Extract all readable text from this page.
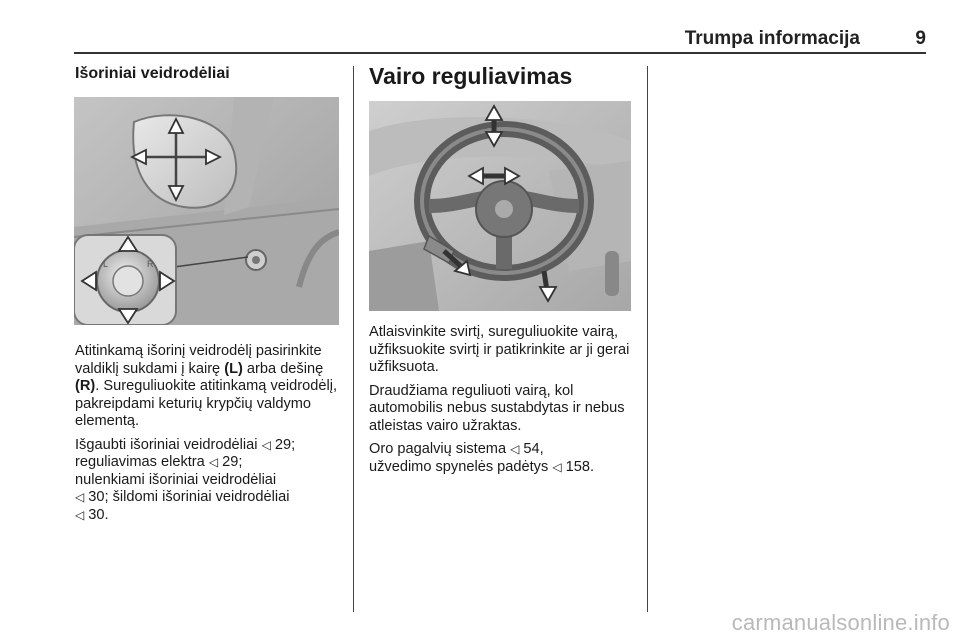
Trumpa informacija	9
Išoriniai veidrodėliai
L	R

Atitinkamą išorinį veidrodėlį pasirinkite valdiklį sukdami į kairę (L) arba dešinę (R). Sureguliuokite atitinkamą veidrodėlį, pakreipdami keturių krypčių valdymo elementą.

Išgaubti išoriniai veidrodėliai ◁ 29;
reguliavimas elektra ◁ 29;
nulenkiami išoriniai veidrodėliai
◁ 30; šildomi išoriniai veidrodėliai
◁ 30.

Vairo reguliavimas

Atlaisvinkite svirtį, sureguliuokite vairą, užfiksuokite svirtį ir patikrinkite ar ji gerai užfiksuota.

Draudžiama reguliuoti vairą, kol automobilis nebus sustabdytas ir nebus atleistas vairo užraktas.

Oro pagalvių sistema ◁ 54,
užvedimo spynelės padėtys ◁ 158.

carmanualsonline.info
